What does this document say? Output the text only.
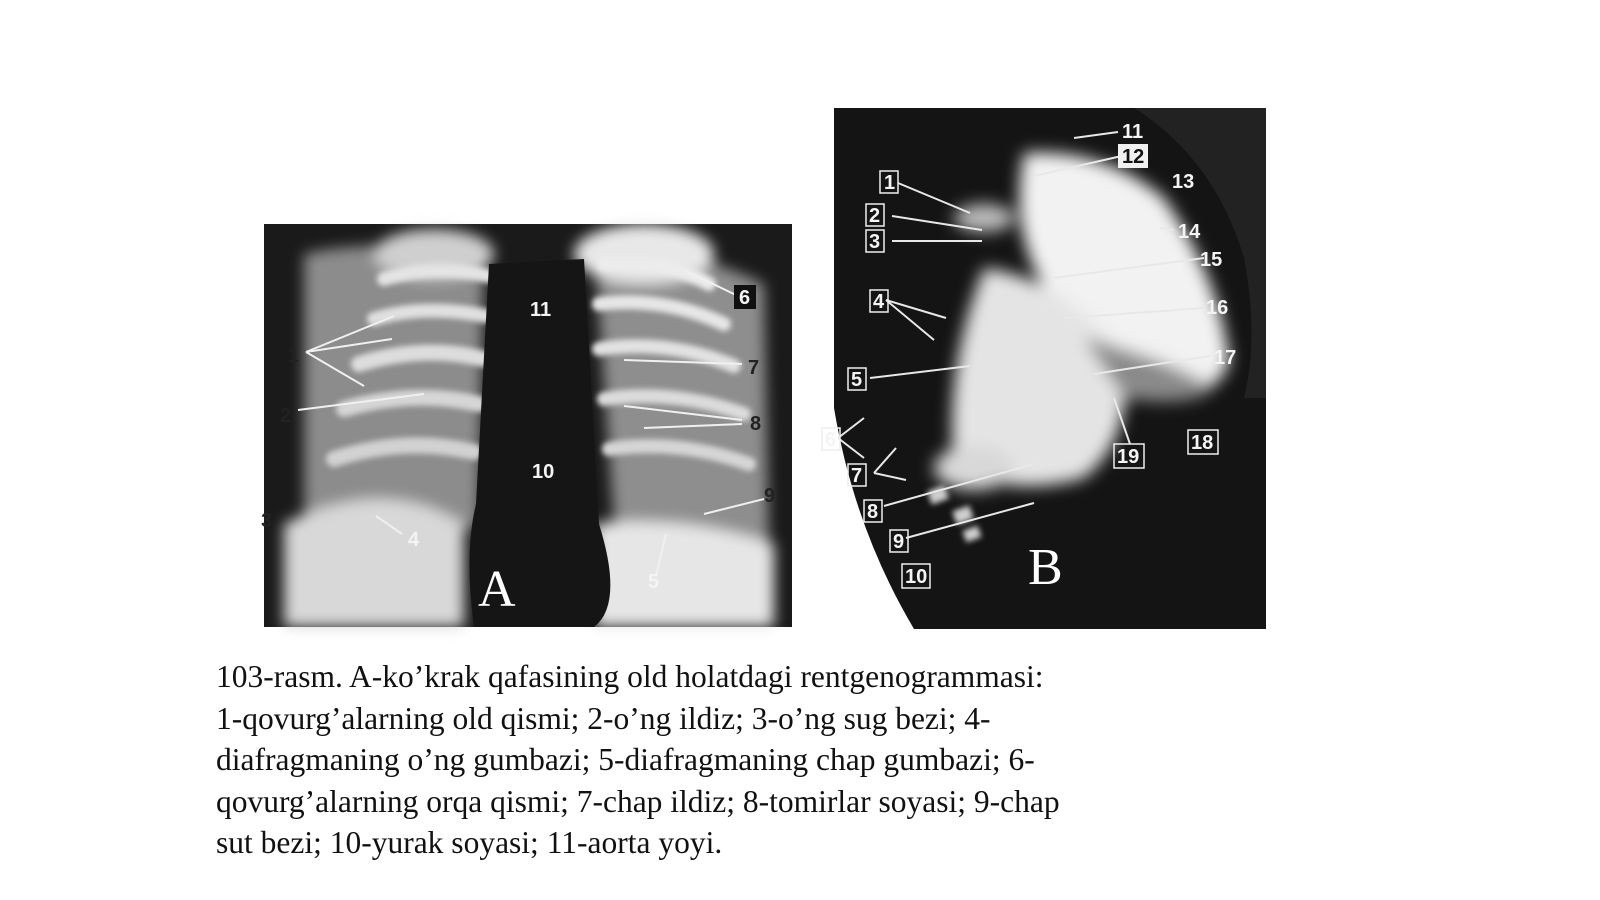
1
2
3
4
5
6
7
8
9
10
11
A
1
2
3
4
5
6
7
8
9
10
11
12
13
14
15
16
17
18
19
B

103-rasm. A-ko’krak qafasining old holatdagi rentgenogrammasi:
1-qovurg’alarning old qismi; 2-o’ng ildiz; 3-o’ng sug bezi; 4-
diafragmaning o’ng gumbazi; 5-diafragmaning chap gumbazi; 6-
qovurg’alarning orqa qismi; 7-chap ildiz; 8-tomirlar soyasi; 9-chap
sut bezi; 10-yurak soyasi; 11-aorta yoyi.
